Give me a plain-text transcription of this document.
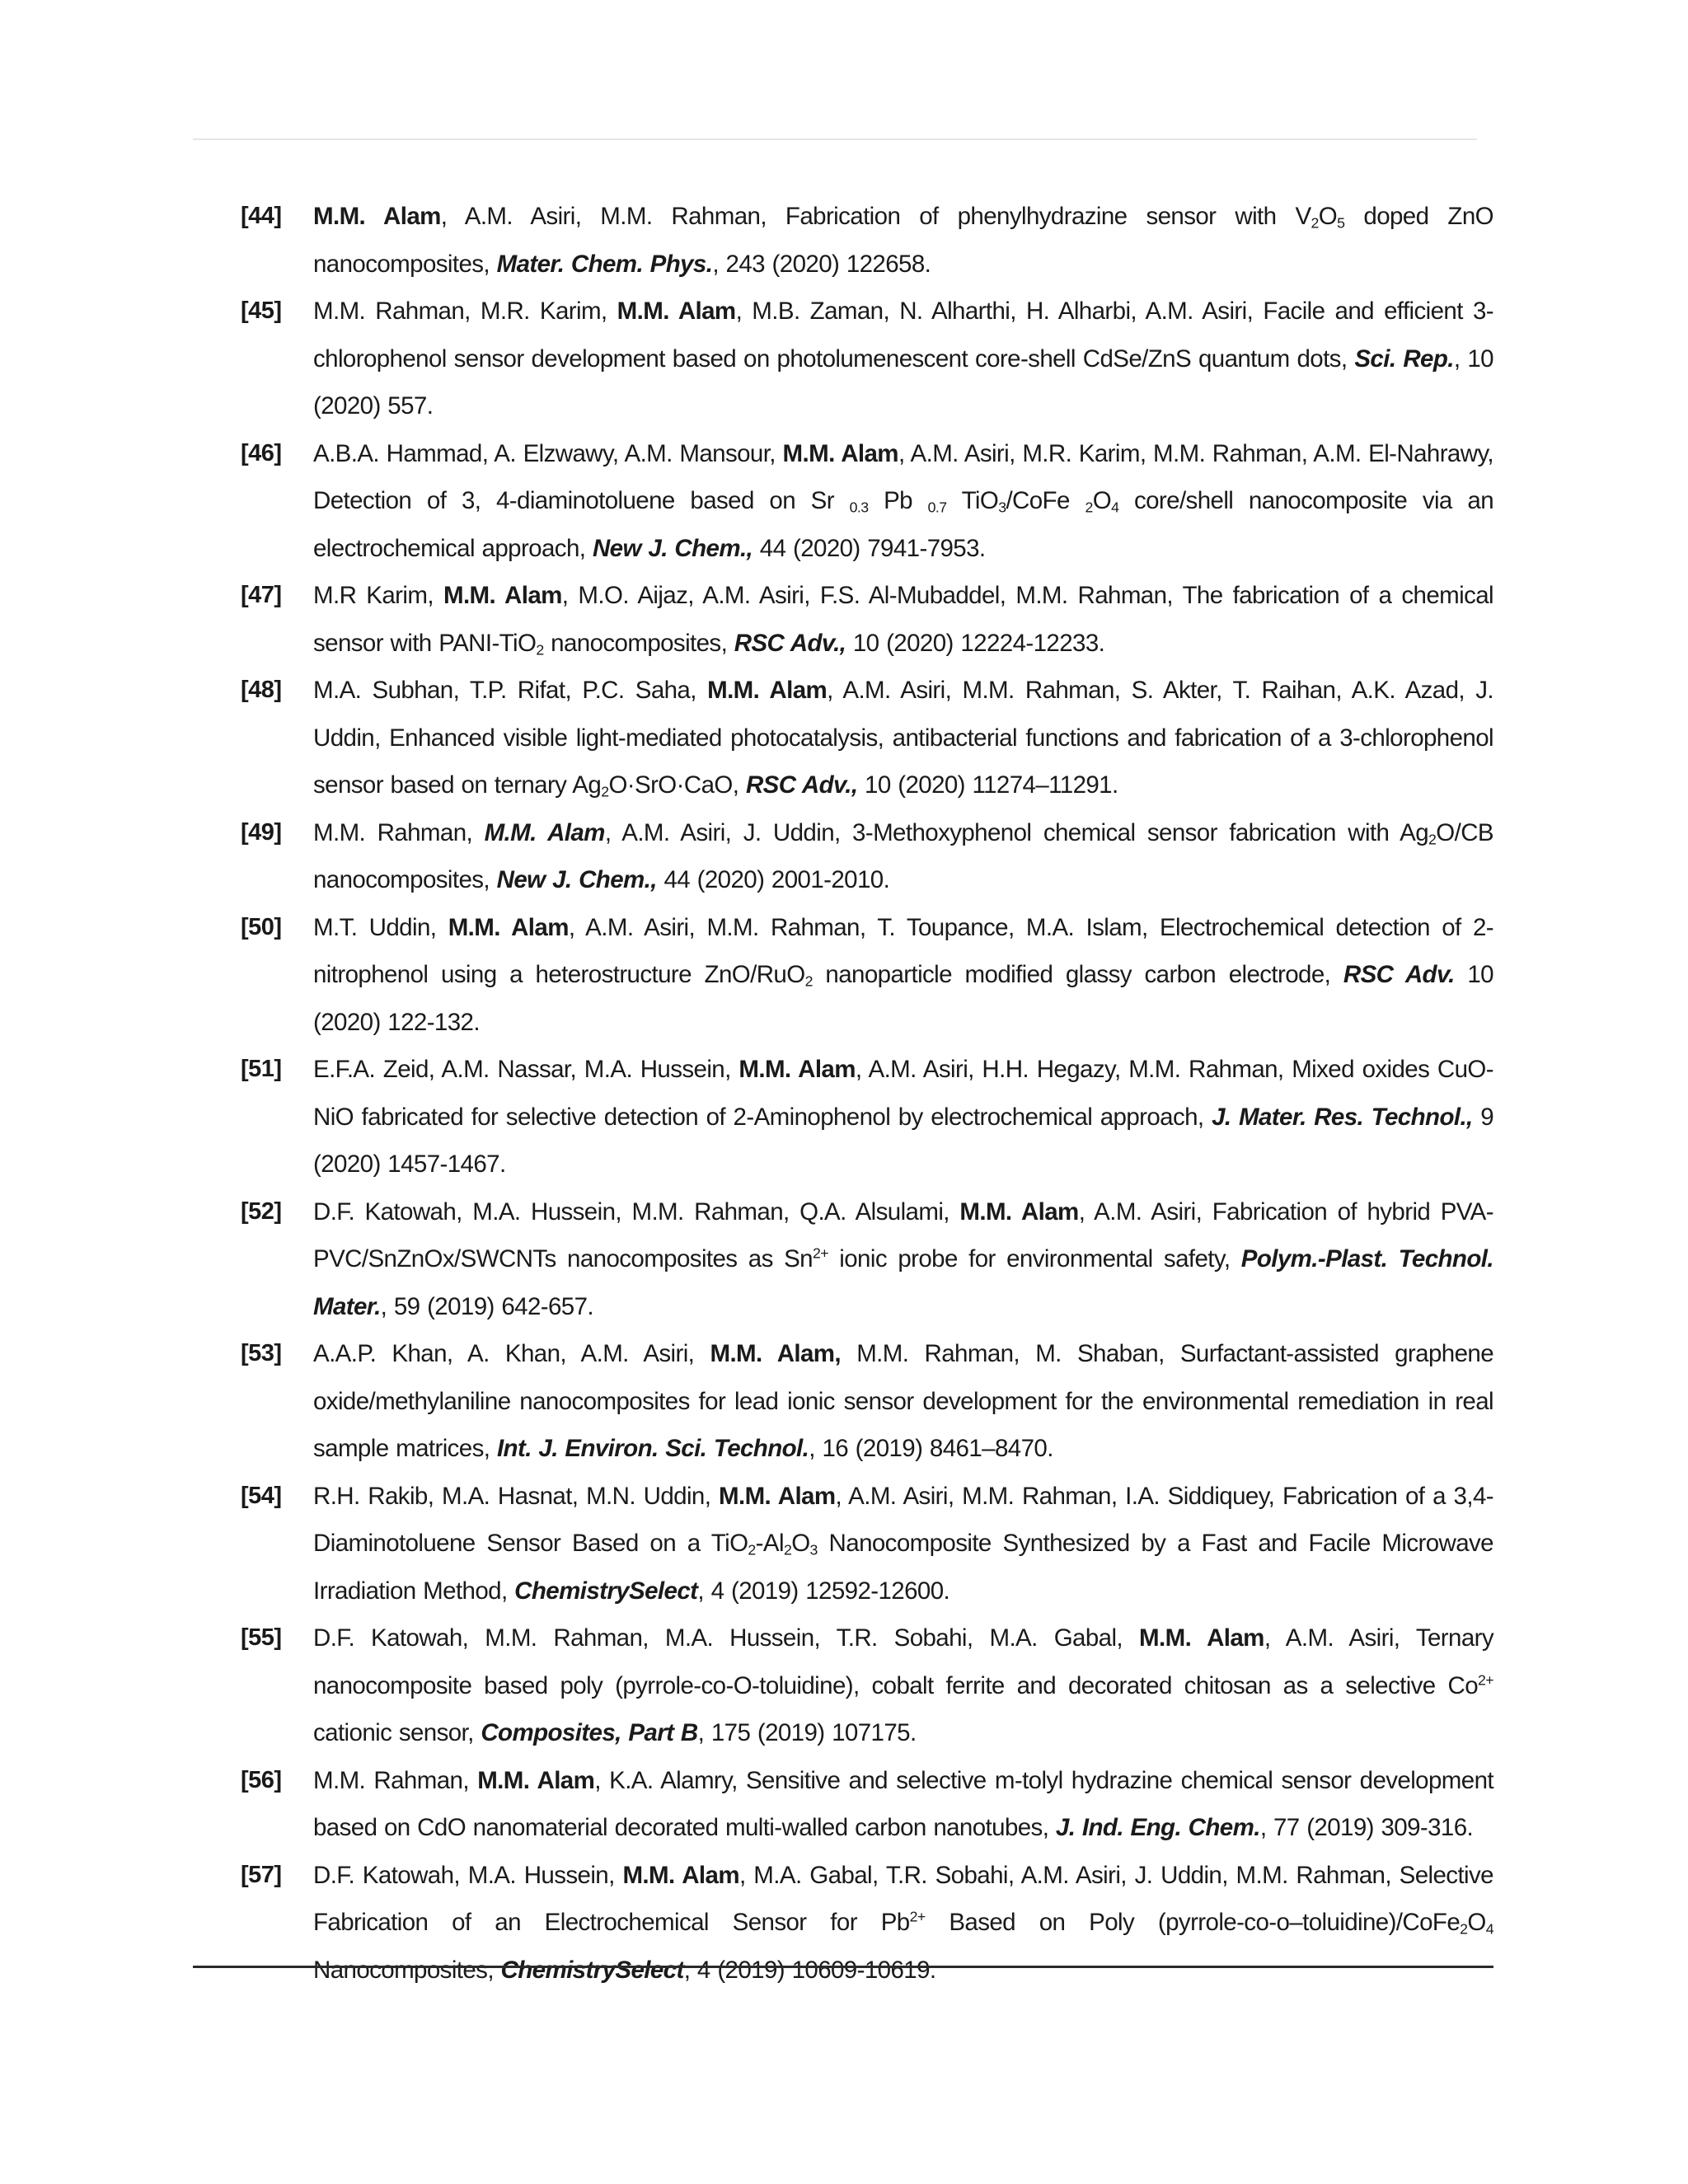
[44]	M.M. Alam, A.M. Asiri, M.M. Rahman, Fabrication of phenylhydrazine sensor with $V_2O_5$ doped ZnO nanocomposites, Mater. Chem. Phys., 243 (2020) 122658.
[45]	M.M. Rahman, M.R. Karim, M.M. Alam, M.B. Zaman, N. Alharthi, H. Alharbi, A.M. Asiri, Facile and efficient 3-chlorophenol sensor development based on photolumenescent core-shell CdSe/ZnS quantum dots, Sci. Rep., 10 (2020) 557.
[46]	A.B.A. Hammad, A. Elzwawy, A.M. Mansour, M.M. Alam, A.M. Asiri, M.R. Karim, M.M. Rahman, A.M. El-Nahrawy, Detection of 3, 4-diaminotoluene based on Sr $_{0.3}$ Pb $_{0.7}$ TiO$_3$/CoFe $_2O_4$ core/shell nanocomposite via an electrochemical approach, New J. Chem., 44 (2020) 7941-7953.
[47]	M.R Karim, M.M. Alam, M.O. Aijaz, A.M. Asiri, F.S. Al-Mubaddel, M.M. Rahman, The fabrication of a chemical sensor with PANI-TiO$_2$ nanocomposites, RSC Adv., 10 (2020) 12224-12233.
[48]	M.A. Subhan, T.P. Rifat, P.C. Saha, M.M. Alam, A.M. Asiri, M.M. Rahman, S. Akter, T. Raihan, A.K. Azad, J. Uddin, Enhanced visible light-mediated photocatalysis, antibacterial functions and fabrication of a 3-chlorophenol sensor based on ternary $Ag_2O\cdot SrO\cdot CaO$, RSC Adv., 10 (2020) 11274–11291.
[49]	M.M. Rahman, M.M. Alam, A.M. Asiri, J. Uddin, 3-Methoxyphenol chemical sensor fabrication with $Ag_2O/CB$ nanocomposites, New J. Chem., 44 (2020) 2001-2010.
[50]	M.T. Uddin, M.M. Alam, A.M. Asiri, M.M. Rahman, T. Toupance, M.A. Islam, Electrochemical detection of 2-nitrophenol using a heterostructure ZnO/RuO$_2$ nanoparticle modified glassy carbon electrode, RSC Adv. 10 (2020) 122-132.
[51]	E.F.A. Zeid, A.M. Nassar, M.A. Hussein, M.M. Alam, A.M. Asiri, H.H. Hegazy, M.M. Rahman, Mixed oxides CuO-NiO fabricated for selective detection of 2-Aminophenol by electrochemical approach, J. Mater. Res. Technol., 9 (2020) 1457-1467.
[52]	D.F. Katowah, M.A. Hussein, M.M. Rahman, Q.A. Alsulami, M.M. Alam, A.M. Asiri, Fabrication of hybrid PVA-PVC/SnZnOx/SWCNTs nanocomposites as $Sn^{2+}$ ionic probe for environmental safety, Polym.-Plast. Technol. Mater., 59 (2019) 642-657.
[53]	A.A.P. Khan, A. Khan, A.M. Asiri, M.M. Alam, M.M. Rahman, M. Shaban, Surfactant-assisted graphene oxide/methylaniline nanocomposites for lead ionic sensor development for the environmental remediation in real sample matrices, Int. J. Environ. Sci. Technol., 16 (2019) 8461–8470.
[54]	R.H. Rakib, M.A. Hasnat, M.N. Uddin, M.M. Alam, A.M. Asiri, M.M. Rahman, I.A. Siddiquey, Fabrication of a 3,4-Diaminotoluene Sensor Based on a $TiO_2-Al_2O_3$ Nanocomposite Synthesized by a Fast and Facile Microwave Irradiation Method, ChemistrySelect, 4 (2019) 12592-12600.
[55]	D.F. Katowah, M.M. Rahman, M.A. Hussein, T.R. Sobahi, M.A. Gabal, M.M. Alam, A.M. Asiri, Ternary nanocomposite based poly (pyrrole-co-O-toluidine), cobalt ferrite and decorated chitosan as a selective $Co^{2+}$ cationic sensor, Composites, Part B, 175 (2019) 107175.
[56]	M.M. Rahman, M.M. Alam, K.A. Alamry, Sensitive and selective m-tolyl hydrazine chemical sensor development based on CdO nanomaterial decorated multi-walled carbon nanotubes, J. Ind. Eng. Chem., 77 (2019) 309-316.
[57]	D.F. Katowah, M.A. Hussein, M.M. Alam, M.A. Gabal, T.R. Sobahi, A.M. Asiri, J. Uddin, M.M. Rahman, Selective Fabrication of an Electrochemical Sensor for $Pb^{2+}$ Based on Poly $(pyrrole-co-o-toluidine)/CoFe_2O_4$ Nanocomposites, ChemistrySelect, 4 (2019) 10609-10619.
